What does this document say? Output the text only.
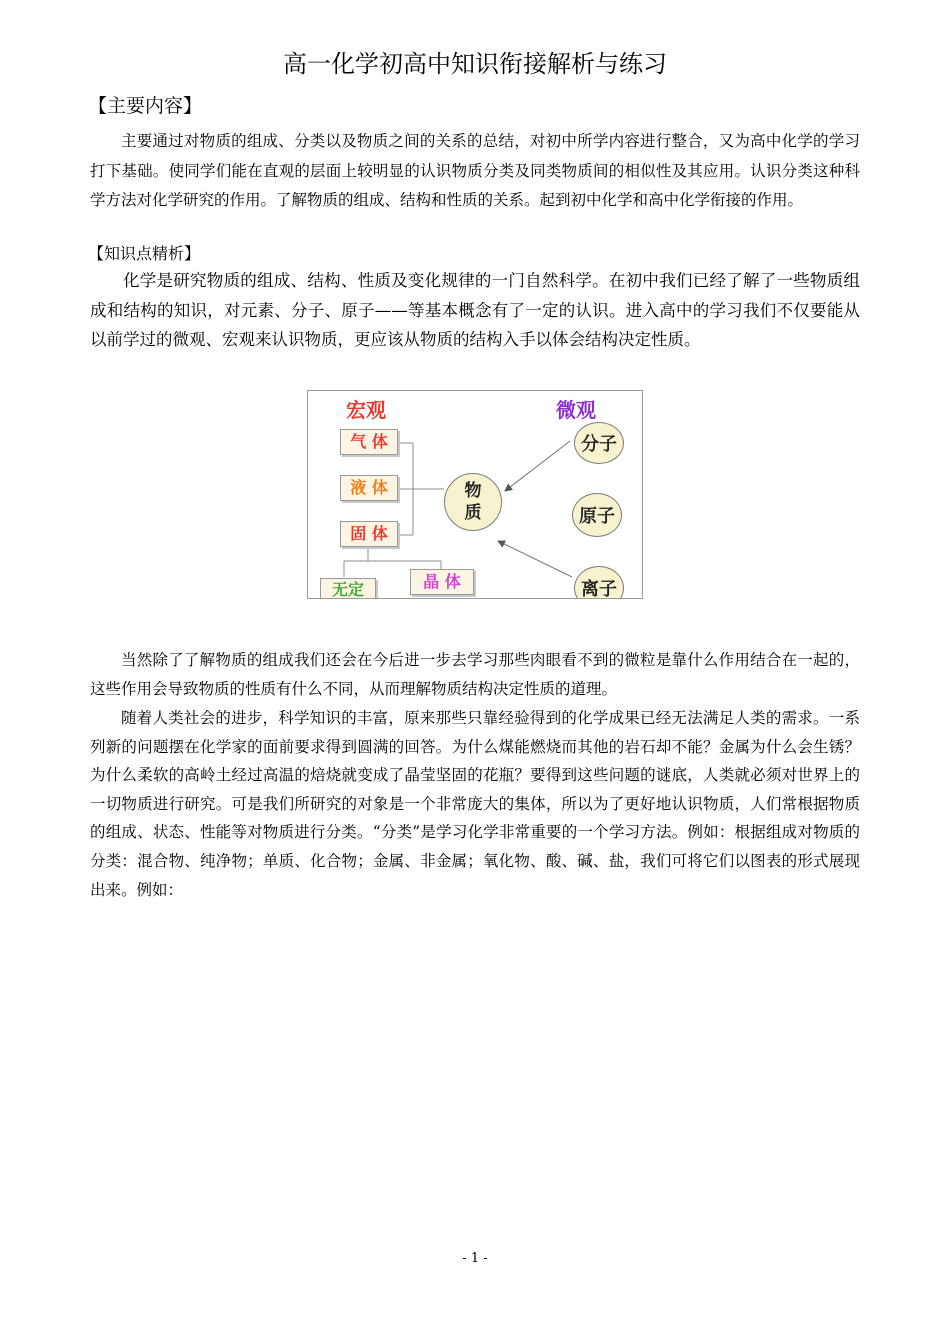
高一化学初高中知识衔接解析与练习
【主要内容】

主要通过对物质的组成、分类以及物质之间的关系的总结，对初中所学内容进行整合，又为高中化学的学习打下基础。使同学们能在直观的层面上较明显的认识物质分类及同类物质间的相似性及其应用。认识分类这种科学方法对化学研究的作用。了解物质的组成、结构和性质的关系。起到初中化学和高中化学衔接的作用。

【知识点精析】

化学是研究物质的组成、结构、性质及变化规律的一门自然科学。在初中我们已经了解了一些物质组成和结构的知识，对元素、分子、原子——等基本概念有了一定的认识。进入高中的学习我们不仅要能从以前学过的微观、宏观来认识物质，更应该从物质的结构入手以体会结构决定性质。

宏观	微观
气 体
液 体
固 体
无定	晶 体
物质
分子
原子
离子

当然除了了解物质的组成我们还会在今后进一步去学习那些肉眼看不到的微粒是靠什么作用结合在一起的，这些作用会导致物质的性质有什么不同，从而理解物质结构决定性质的道理。

随着人类社会的进步，科学知识的丰富，原来那些只靠经验得到的化学成果已经无法满足人类的需求。一系列新的问题摆在化学家的面前要求得到圆满的回答。为什么煤能燃烧而其他的岩石却不能？金属为什么会生锈？为什么柔软的高岭土经过高温的焙烧就变成了晶莹坚固的花瓶？要得到这些问题的谜底，人类就必须对世界上的一切物质进行研究。可是我们所研究的对象是一个非常庞大的集体，所以为了更好地认识物质，人们常根据物质的组成、状态、性能等对物质进行分类。“分类”是学习化学非常重要的一个学习方法。例如：根据组成对物质的分类：混合物、纯净物；单质、化合物；金属、非金属；氧化物、酸、碱、盐，我们可将它们以图表的形式展现出来。例如：

- 1 -
